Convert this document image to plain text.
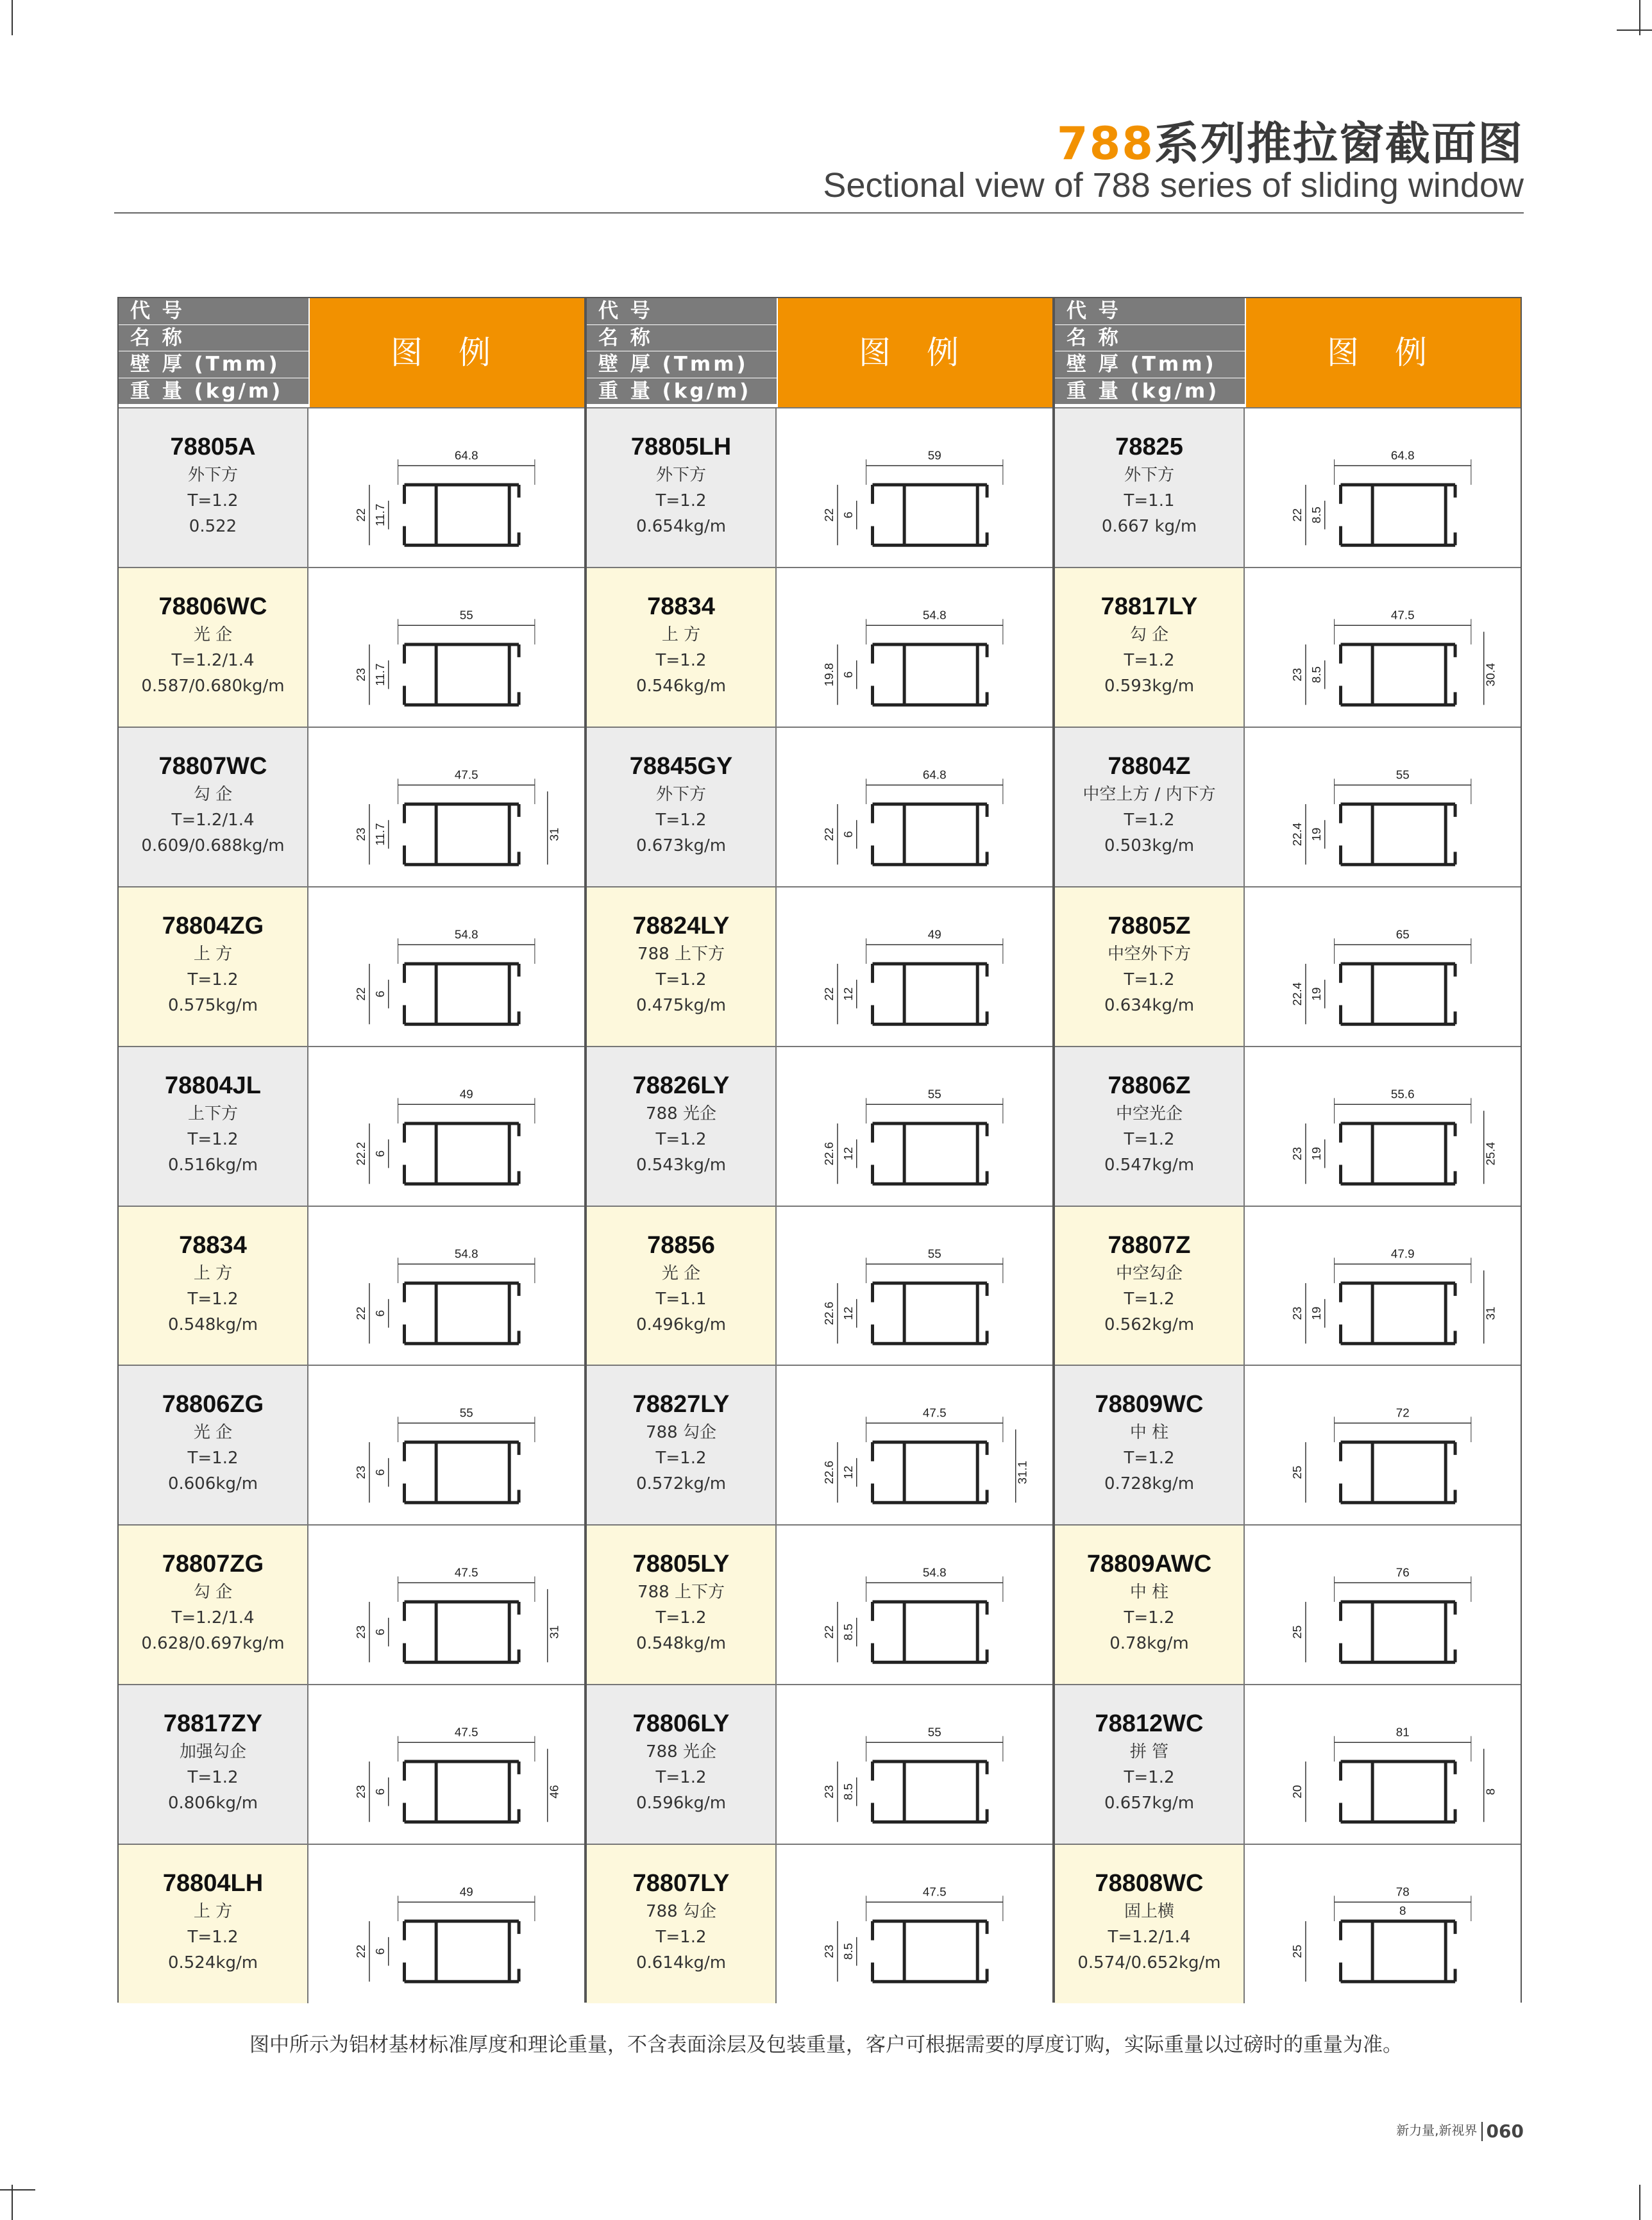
788系列推拉窗截面图
Sectional view of 788 series of sliding window
代 号
名 称
壁 厚 (Tmm)
重 量 (kg/m)
图 例
78805A
外下方
T=1.2
0.522
64.8
22 11.7
78806WC
光 企
T=1.2/1.4
0.587/0.680kg/m
55
23 11.7
78807WC
勾 企
T=1.2/1.4
0.609/0.688kg/m
47.5
23 11.7	31
78804ZG
上 方
T=1.2
0.575kg/m
54.8
22 6
78804JL
上下方
T=1.2
0.516kg/m
49
22.2 6
78834
上 方
T=1.2
0.548kg/m
54.8
22 6
78806ZG
光 企
T=1.2
0.606kg/m
55
23 6
78807ZG
勾 企
T=1.2/1.4
0.628/0.697kg/m
47.5
23 6	31
78817ZY
加强勾企
T=1.2
0.806kg/m
47.5
23 6	46
78804LH
上 方
T=1.2
0.524kg/m
49
22 6
代 号
名 称
壁 厚 (Tmm)
重 量 (kg/m)
图 例
78805LH
外下方
T=1.2
0.654kg/m
59
22 6
78834
上 方
T=1.2
0.546kg/m
54.8
19.8 6
78845GY
外下方
T=1.2
0.673kg/m
64.8
22 6
78824LY
788 上下方
T=1.2
0.475kg/m
49
22 12
78826LY
788 光企
T=1.2
0.543kg/m
55
22.6 12
78856
光 企
T=1.1
0.496kg/m
55
22.6 12
78827LY
788 勾企
T=1.2
0.572kg/m
47.5
22.6 12	31.1
78805LY
788 上下方
T=1.2
0.548kg/m
54.8
22 8.5
78806LY
788 光企
T=1.2
0.596kg/m
55
23 8.5
78807LY
788 勾企
T=1.2
0.614kg/m
47.5
23 8.5
代 号
名 称
壁 厚 (Tmm)
重 量 (kg/m)
图 例
78825
外下方
T=1.1
0.667 kg/m
64.8
22 8.5
78817LY
勾 企
T=1.2
0.593kg/m
47.5
23 8.5	30.4
78804Z
中空上方 / 内下方
T=1.2
0.503kg/m
55
22.4 19
78805Z
中空外下方
T=1.2
0.634kg/m
65
22.4 19
78806Z
中空光企
T=1.2
0.547kg/m
55.6
23 19	25.4
78807Z
中空勾企
T=1.2
0.562kg/m
47.9
23 19	31
78809WC
中 柱
T=1.2
0.728kg/m
72
25
78809AWC
中 柱
T=1.2
0.78kg/m
76
25
78812WC
拼 管
T=1.2
0.657kg/m
81
20	8
78808WC
固上横
T=1.2/1.4
0.574/0.652kg/m
78
25
8
图中所示为铝材基材标准厚度和理论重量，不含表面涂层及包装重量，客户可根据需要的厚度订购，实际重量以过磅时的重量为准。
新力量,新视界 060
